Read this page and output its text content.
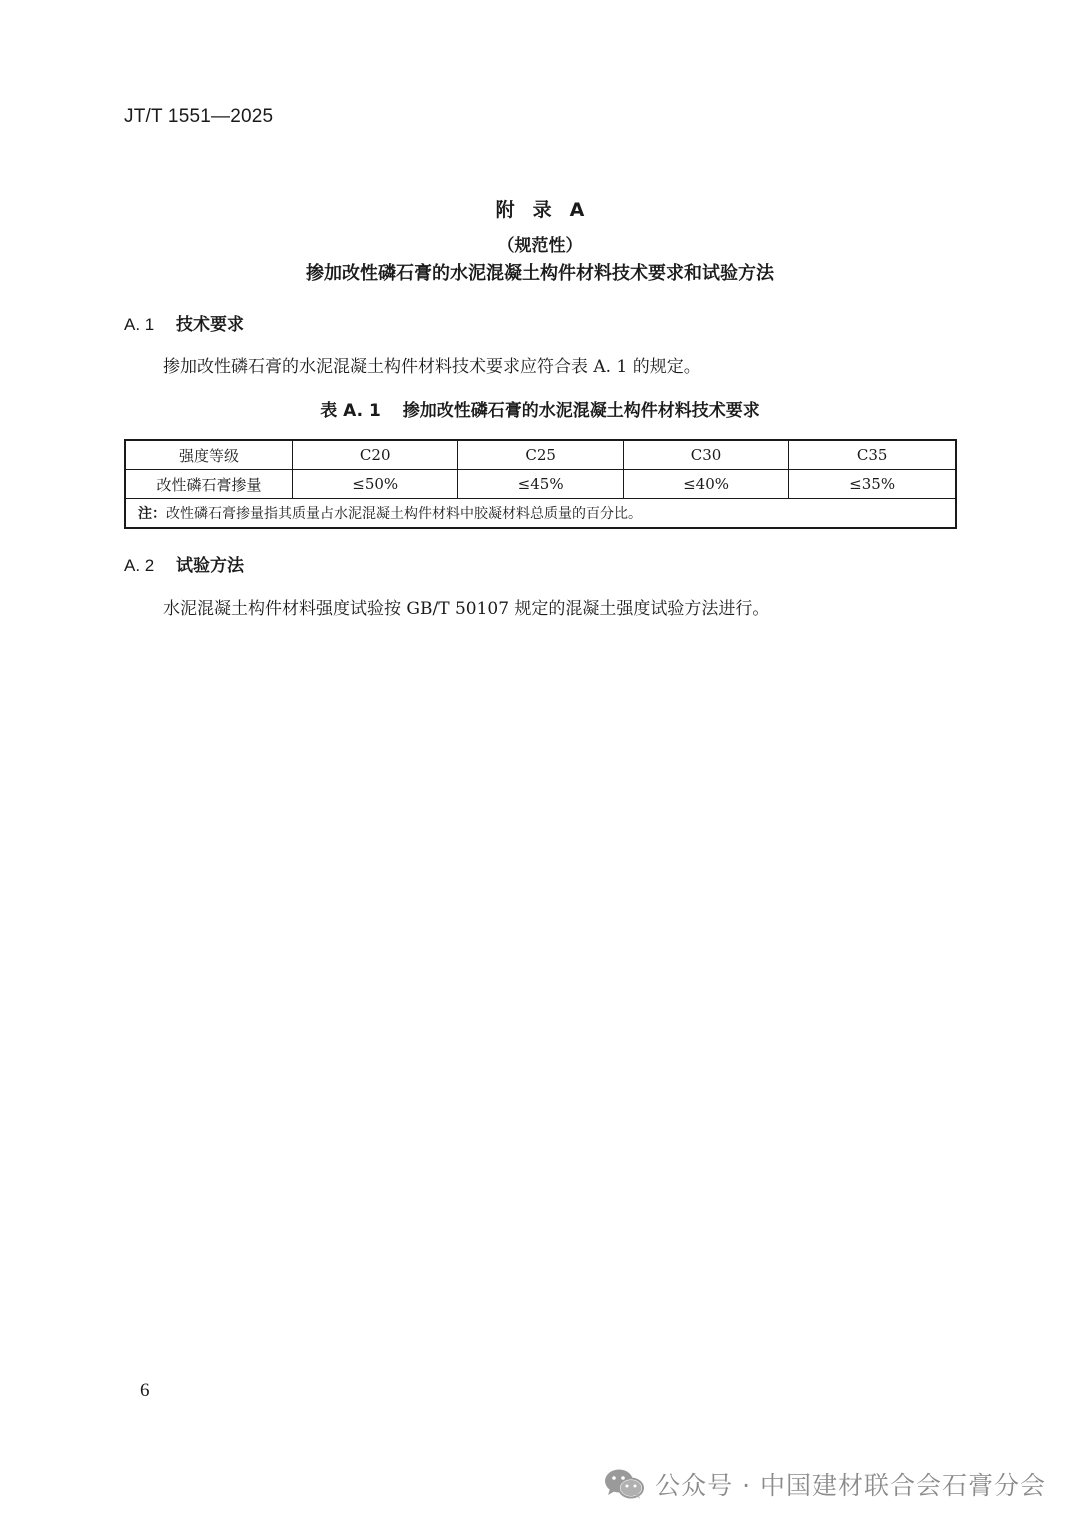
JT/T 1551—2025
附 录 A
（规范性）
掺加改性磷石膏的水泥混凝土构件材料技术要求和试验方法
A. 1 技术要求
掺加改性磷石膏的水泥混凝土构件材料技术要求应符合表 A. 1 的规定。
表 A. 1 掺加改性磷石膏的水泥混凝土构件材料技术要求
强度等级	C20	C25	C30	C35
改性磷石膏掺量	≤50%	≤45%	≤40%	≤35%
注：改性磷石膏掺量指其质量占水泥混凝土构件材料中胶凝材料总质量的百分比。				
A. 2 试验方法
水泥混凝土构件材料强度试验按 GB/T 50107 规定的混凝土强度试验方法进行。
6
公众号 · 中国建材联合会石膏分会
